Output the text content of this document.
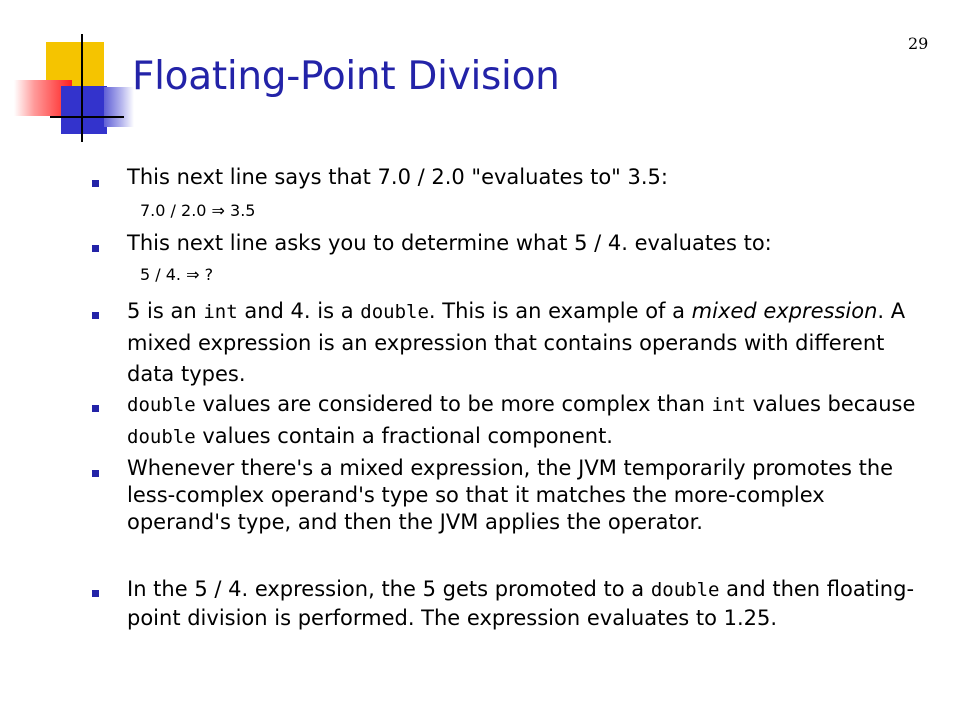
Floating-Point Division
29
This next line says that 7.0 / 2.0 "evaluates to" 3.5:
7.0 / 2.0 ⇒ 3.5
This next line asks you to determine what 5 / 4. evaluates to:
5 / 4. ⇒ ?
5 is an int and 4. is a double. This is an example of a mixed expression. A mixed expression is an expression that contains operands with different data types.
double values are considered to be more complex than int values because double values contain a fractional component.
Whenever there's a mixed expression, the JVM temporarily promotes the less-complex operand's type so that it matches the more-complex operand's type, and then the JVM applies the operator.
In the 5 / 4. expression, the 5 gets promoted to a double and then floating-point division is performed. The expression evaluates to 1.25.
